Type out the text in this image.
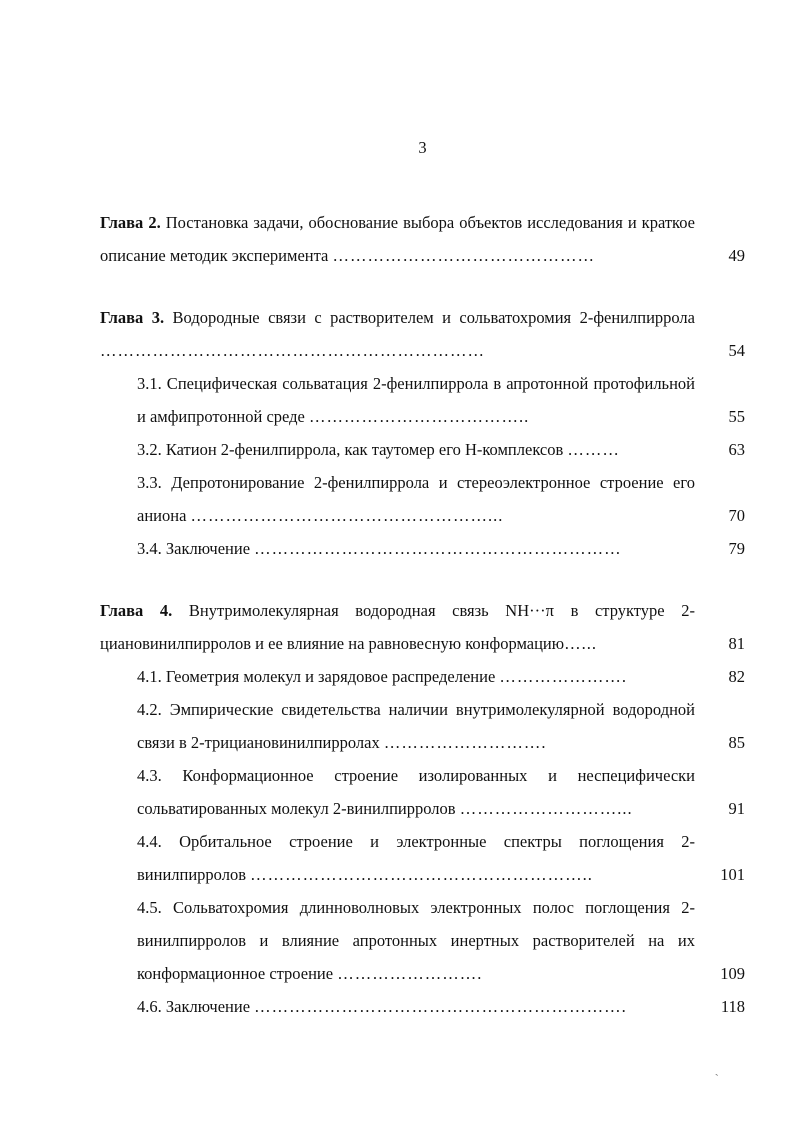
3
Глава 2. Постановка задачи, обоснование выбора объектов исследования и краткое описание методик эксперимента ………………………………………	49
Глава 3. Водородные связи с растворителем и сольватохромия 2-фенилпиррола …………………………………………………………	54
3.1. Специфическая сольватация 2-фенилпиррола в апротонной протофильной и амфипротонной среде ………………………………..	55
3.2. Катион 2-фенилпиррола, как таутомер его Н-комплексов ………	63
3.3. Депротонирование 2-фенилпиррола и стереоэлектронное строение его аниона ……………………………………………...	70
3.4. Заключение ………………………………………………………	79
Глава 4. Внутримолекулярная водородная связь NH···π в структуре 2-циановинилпирролов и ее влияние на равновесную конформацию…...	81
4.1. Геометрия молекул и зарядовое распределение ………………….	82
4.2. Эмпирические свидетельства наличии внутримолекулярной водородной связи в 2-трициановинилпирролах ……………………….	85
4.3. Конформационное строение изолированных и неспецифически сольватированных молекул 2-винилпирролов ………………………...	91
4.4. Орбитальное строение и электронные спектры поглощения 2-винилпирролов …………………………………………………..	101
4.5. Сольватохромия длинноволновых электронных полос поглощения 2-винилпирролов и влияние апротонных инертных растворителей на их конформационное строение …………………….	109
4.6. Заключение ……………………………………………………….	118
`
